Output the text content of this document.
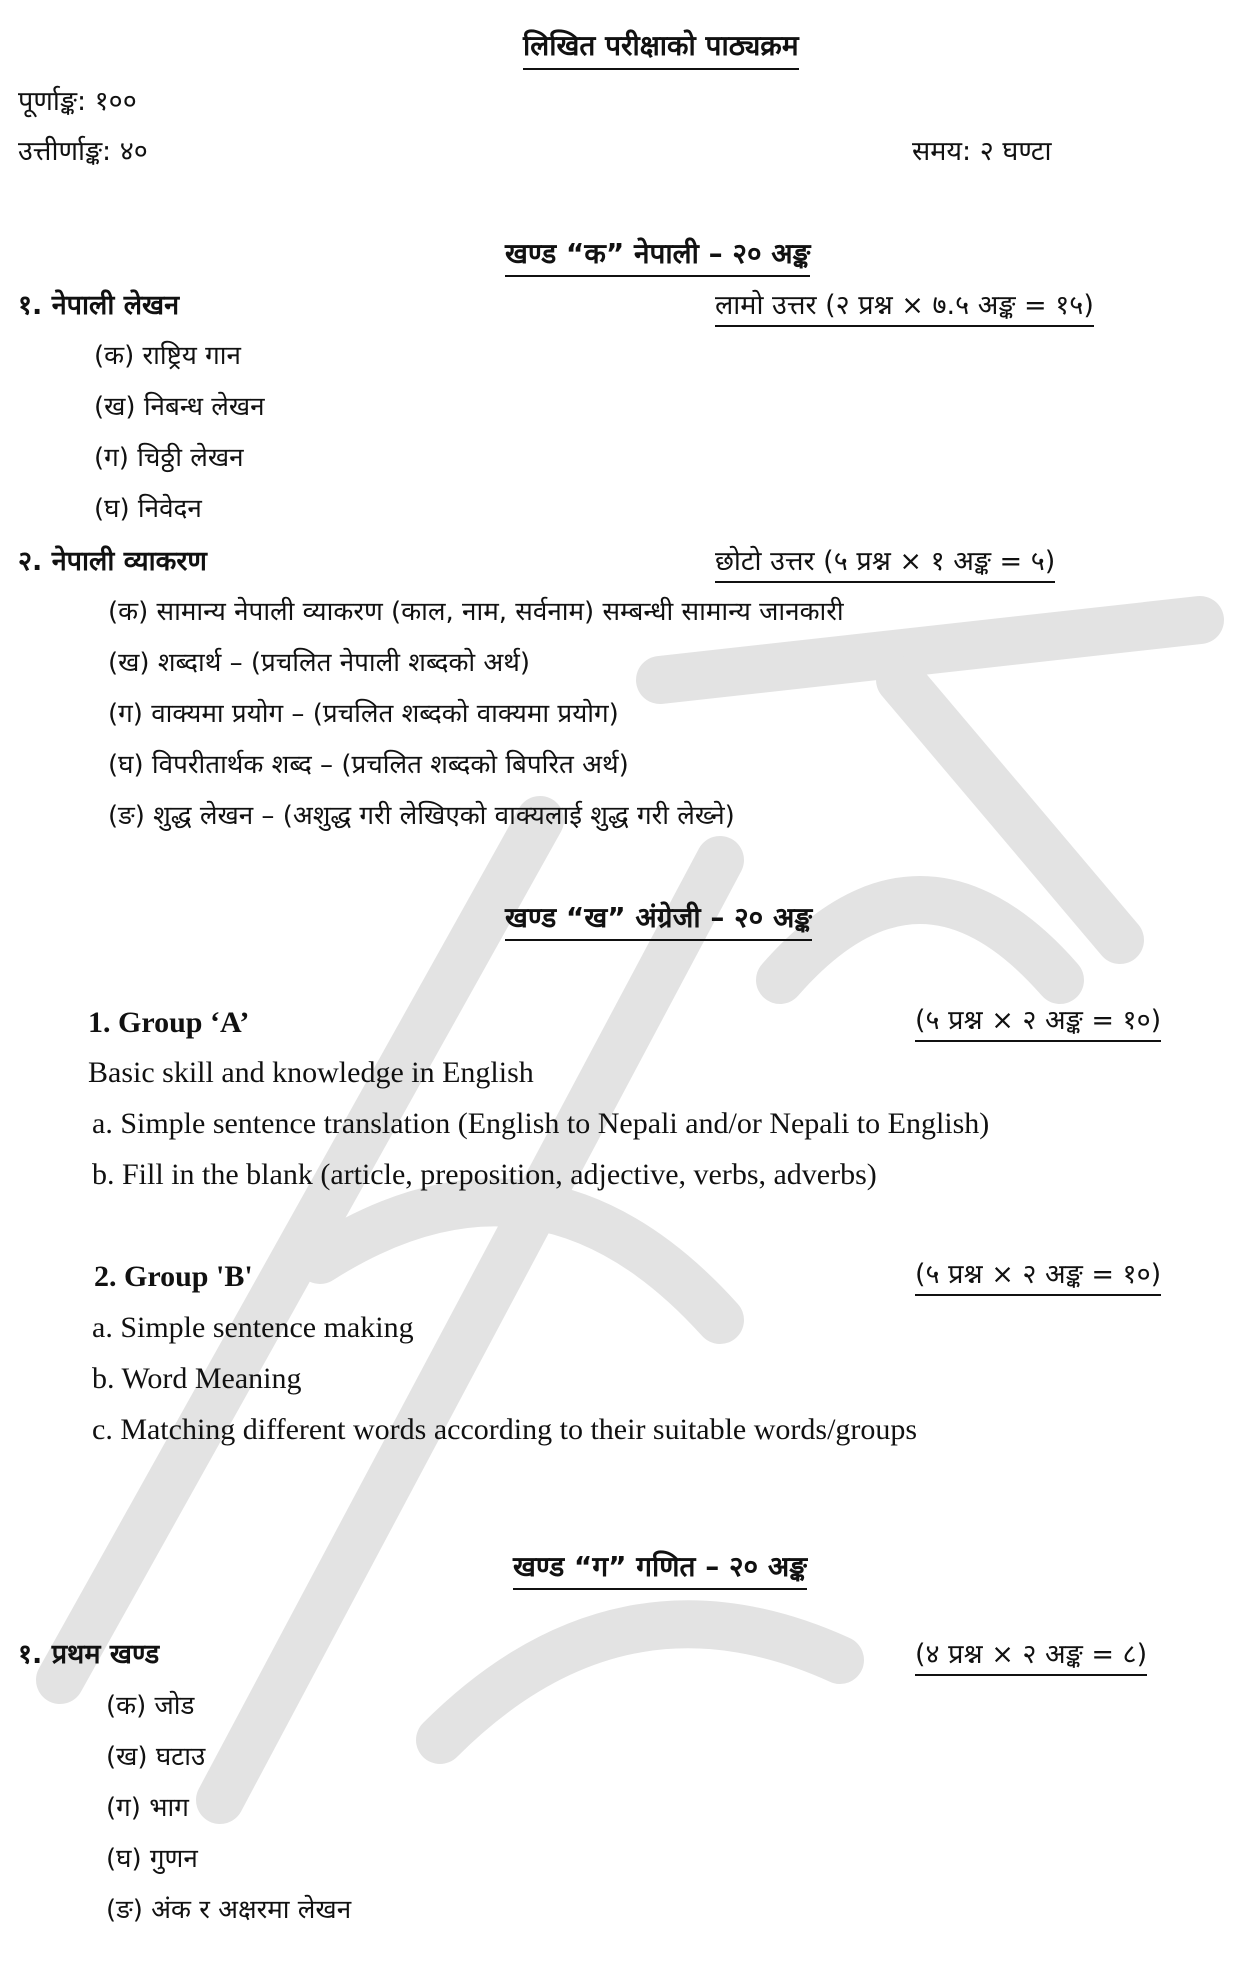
लिखित परीक्षाको पाठ्यक्रम
पूर्णाङ्क: १००
उत्तीर्णाङ्क: ४०	समय: २ घण्टा
खण्ड “क” नेपाली – २० अङ्क
१. नेपाली लेखन	लामो उत्तर (२ प्रश्न × ७.५ अङ्क = १५)
(क) राष्ट्रिय गान
(ख) निबन्ध लेखन
(ग) चिठ्ठी लेखन
(घ) निवेदन
२. नेपाली व्याकरण	छोटो उत्तर (५ प्रश्न × १ अङ्क = ५)
(क) सामान्य नेपाली व्याकरण (काल, नाम, सर्वनाम) सम्बन्धी सामान्य जानकारी
(ख) शब्दार्थ – (प्रचलित नेपाली शब्दको अर्थ)
(ग) वाक्यमा प्रयोग – (प्रचलित शब्दको वाक्यमा प्रयोग)
(घ) विपरीतार्थक शब्द – (प्रचलित शब्दको बिपरित अर्थ)
(ङ) शुद्ध लेखन – (अशुद्ध गरी लेखिएको वाक्यलाई शुद्ध गरी लेख्ने)
खण्ड “ख” अंग्रेजी – २० अङ्क
1. Group ‘A’	(५ प्रश्न × २ अङ्क = १०)
Basic skill and knowledge in English
a. Simple sentence translation (English to Nepali and/or Nepali to English)
b. Fill in the blank (article, preposition, adjective, verbs, adverbs)
2. Group 'B'	(५ प्रश्न × २ अङ्क = १०)
a. Simple sentence making
b. Word Meaning
c. Matching different words according to their suitable words/groups
खण्ड “ग” गणित – २० अङ्क
१. प्रथम खण्ड	(४ प्रश्न × २ अङ्क = ८)
(क) जोड
(ख) घटाउ
(ग) भाग
(घ) गुणन
(ङ) अंक र अक्षरमा लेखन
